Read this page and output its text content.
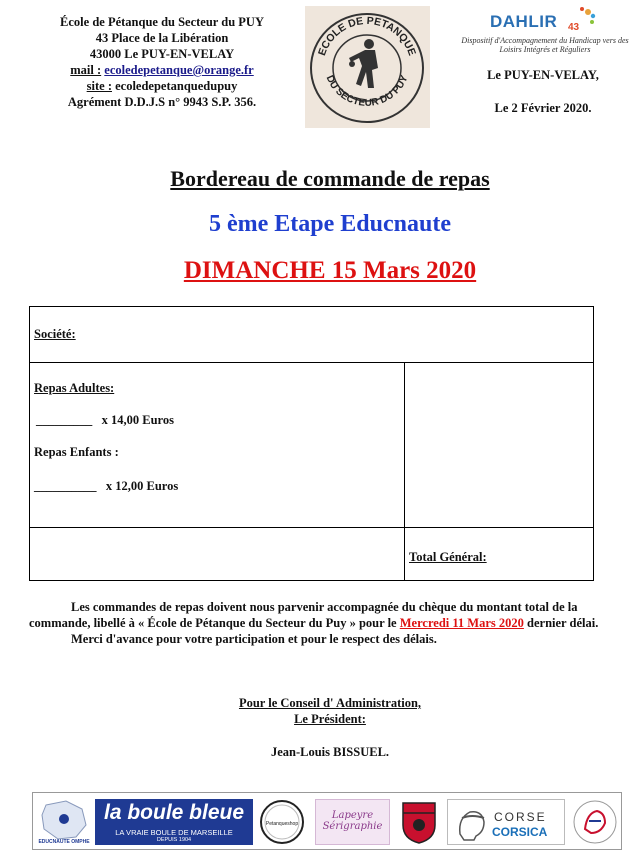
École de Pétanque du Secteur du PUY
43 Place de la Libération
43000 Le PUY-EN-VELAY
mail : ecoledepetanque@orange.fr
site : ecoledepetanquedupuy
Agrément D.D.J.S n° 9943 S.P. 356.
ECOLE DE PETANQUE
DU SECTEUR DU PUY
DAHLIR 43
Dispositif d'Accompagnement du Handicap vers des Loisirs Intégrés et Réguliers
Le PUY-EN-VELAY,
Le 2 Février 2020.
Bordereau de commande de repas
5 ème Etape Educnaute
DIMANCHE 15 Mars 2020
Société:
Repas Adultes:
_________   x 14,00 Euros
Repas Enfants :
__________   x 12,00 Euros
Total Général:

Les commandes de repas doivent nous parvenir accompagnée du chèque du montant total de la commande, libellé à « École de Pétanque du Secteur du Puy » pour le Mercredi 11 Mars 2020 dernier délai.

Merci d'avance pour votre participation et pour le respect des délais.

Pour le Conseil d' Administration,
Le Président:
Jean-Louis BISSUEL.
EDUCNAUTE OMPHE
la boule bleue
LA VRAIE BOULE DE MARSEILLE
DEPUIS 1904
Petanqueshop
Lapeyre Sérigraphie
CORSE
CORSICA
